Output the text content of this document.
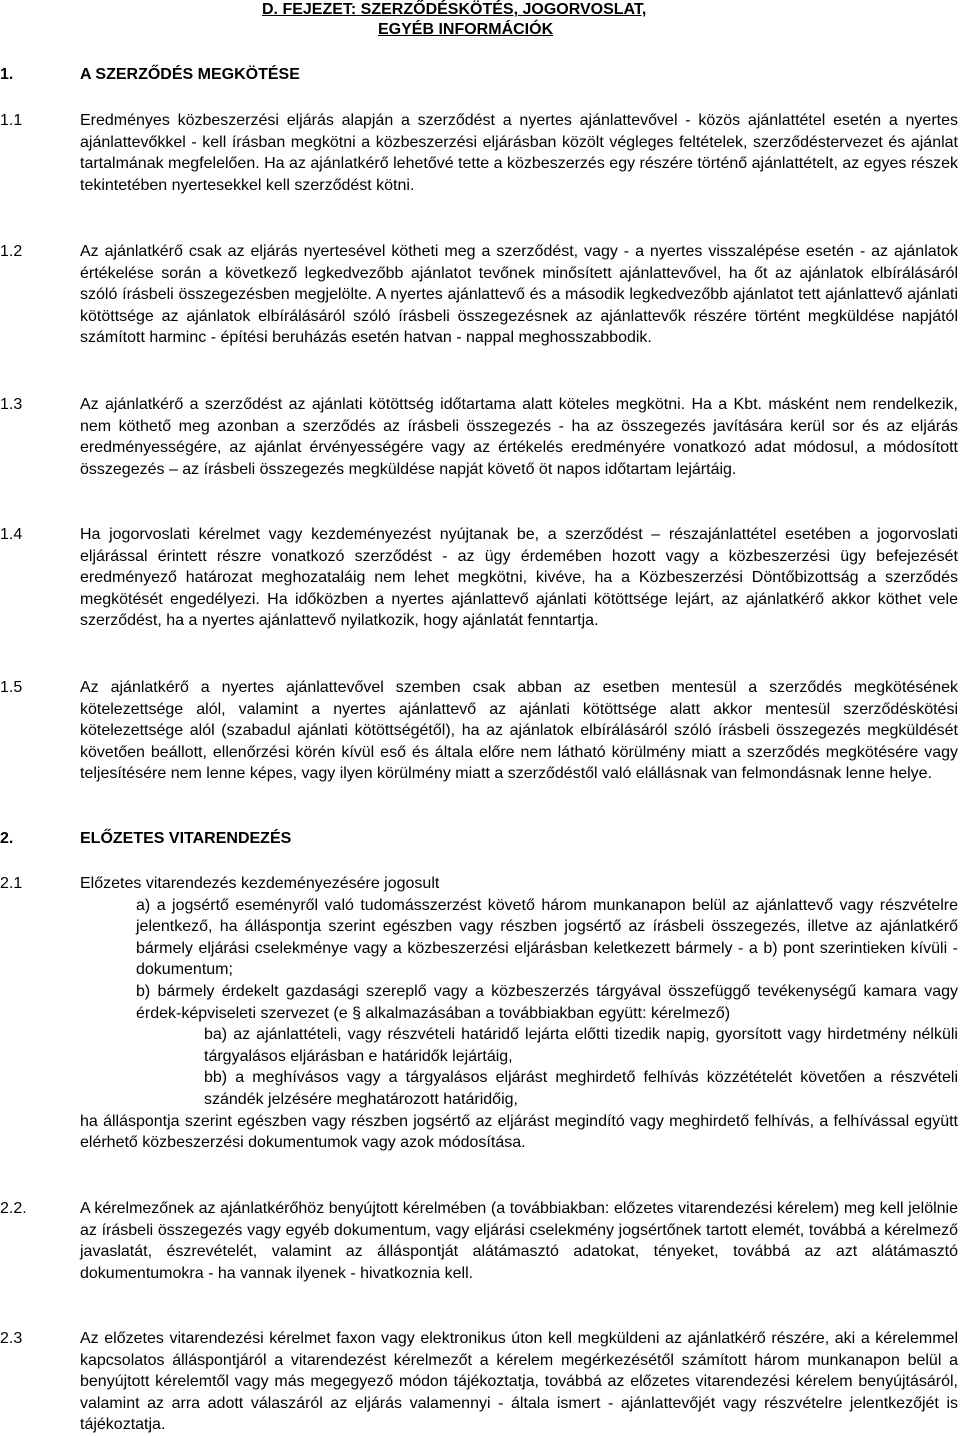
D. FEJEZET: SZERZŐDÉSKÖTÉS, JOGORVOSLAT,
EGYÉB INFORMÁCIÓK
1.	A SZERZŐDÉS MEGKÖTÉSE
1.1	Eredményes közbeszerzési eljárás alapján a szerződést a nyertes ajánlattevővel - közös ajánlattétel esetén a nyertes ajánlattevőkkel - kell írásban megkötni a közbeszerzési eljárásban közölt végleges feltételek, szerződéstervezet és ajánlat tartalmának megfelelően. Ha az ajánlatkérő lehetővé tette a közbeszerzés egy részére történő ajánlattételt, az egyes részek tekintetében nyertesekkel kell szerződést kötni.
1.2	Az ajánlatkérő csak az eljárás nyertesével kötheti meg a szerződést, vagy - a nyertes visszalépése esetén - az ajánlatok értékelése során a következő legkedvezőbb ajánlatot tevőnek minősített ajánlattevővel, ha őt az ajánlatok elbírálásáról szóló írásbeli összegezésben megjelölte. A nyertes ajánlattevő és a második legkedvezőbb ajánlatot tett ajánlattevő ajánlati kötöttsége az ajánlatok elbírálásáról szóló írásbeli összegezésnek az ajánlattevők részére történt megküldése napjától számított harminc - építési beruházás esetén hatvan - nappal meghosszabbodik.
1.3	Az ajánlatkérő a szerződést az ajánlati kötöttség időtartama alatt köteles megkötni. Ha a Kbt. másként nem rendelkezik, nem köthető meg azonban a szerződés az írásbeli összegezés - ha az összegezés javítására kerül sor és az eljárás eredményességére, az ajánlat érvényességére vagy az értékelés eredményére vonatkozó adat módosul, a módosított összegezés – az írásbeli összegezés megküldése napját követő öt napos időtartam lejártáig.
1.4	Ha jogorvoslati kérelmet vagy kezdeményezést nyújtanak be, a szerződést – részajánlattétel esetében a jogorvoslati eljárással érintett részre vonatkozó szerződést - az ügy érdemében hozott vagy a közbeszerzési ügy befejezését eredményező határozat meghozataláig nem lehet megkötni, kivéve, ha a Közbeszerzési Döntőbizottság a szerződés megkötését engedélyezi. Ha időközben a nyertes ajánlattevő ajánlati kötöttsége lejárt, az ajánlatkérő akkor köthet vele szerződést, ha a nyertes ajánlattevő nyilatkozik, hogy ajánlatát fenntartja.
1.5	Az ajánlatkérő a nyertes ajánlattevővel szemben csak abban az esetben mentesül a szerződés megkötésének kötelezettsége alól, valamint a nyertes ajánlattevő az ajánlati kötöttsége alatt akkor mentesül szerződéskötési kötelezettsége alól (szabadul ajánlati kötöttségétől), ha az ajánlatok elbírálásáról szóló írásbeli összegezés megküldését követően beállott, ellenőrzési körén kívül eső és általa előre nem látható körülmény miatt a szerződés megkötésére vagy teljesítésére nem lenne képes, vagy ilyen körülmény miatt a szerződéstől való elállásnak van felmondásnak lenne helye.
2.	ELŐZETES VITARENDEZÉS
2.1	Előzetes vitarendezés kezdeményezésére jogosult
a) a jogsértő eseményről való tudomásszerzést követő három munkanapon belül az ajánlattevő vagy részvételre jelentkező, ha álláspontja szerint egészben vagy részben jogsértő az írásbeli összegezés, illetve az ajánlatkérő bármely eljárási cselekménye vagy a közbeszerzési eljárásban keletkezett bármely - a b) pont szerintieken kívüli - dokumentum;
b) bármely érdekelt gazdasági szereplő vagy a közbeszerzés tárgyával összefüggő tevékenységű kamara vagy érdek-képviseleti szervezet (e § alkalmazásában a továbbiakban együtt: kérelmező)
ba) az ajánlattételi, vagy részvételi határidő lejárta előtti tizedik napig, gyorsított vagy hirdetmény nélküli tárgyalásos eljárásban e határidők lejártáig,
bb) a meghívásos vagy a tárgyalásos eljárást meghirdető felhívás közzétételét követően a részvételi szándék jelzésére meghatározott határidőig,
ha álláspontja szerint egészben vagy részben jogsértő az eljárást megindító vagy meghirdető felhívás, a felhívással együtt elérhető közbeszerzési dokumentumok vagy azok módosítása.
2.2.	A kérelmezőnek az ajánlatkérőhöz benyújtott kérelmében (a továbbiakban: előzetes vitarendezési kérelem) meg kell jelölnie az írásbeli összegezés vagy egyéb dokumentum, vagy eljárási cselekmény jogsértőnek tartott elemét, továbbá a kérelmező javaslatát, észrevételét, valamint az álláspontját alátámasztó adatokat, tényeket, továbbá az azt alátámasztó dokumentumokra - ha vannak ilyenek - hivatkoznia kell.
2.3	Az előzetes vitarendezési kérelmet faxon vagy elektronikus úton kell megküldeni az ajánlatkérő részére, aki a kérelemmel kapcsolatos álláspontjáról a vitarendezést kérelmezőt a kérelem megérkezésétől számított három munkanapon belül a benyújtott kérelemtől vagy más megegyező módon tájékoztatja, továbbá az előzetes vitarendezési kérelem benyújtásáról, valamint az arra adott válaszáról az eljárás valamennyi - általa ismert - ajánlattevőjét vagy részvételre jelentkezőjét is tájékoztatja.
